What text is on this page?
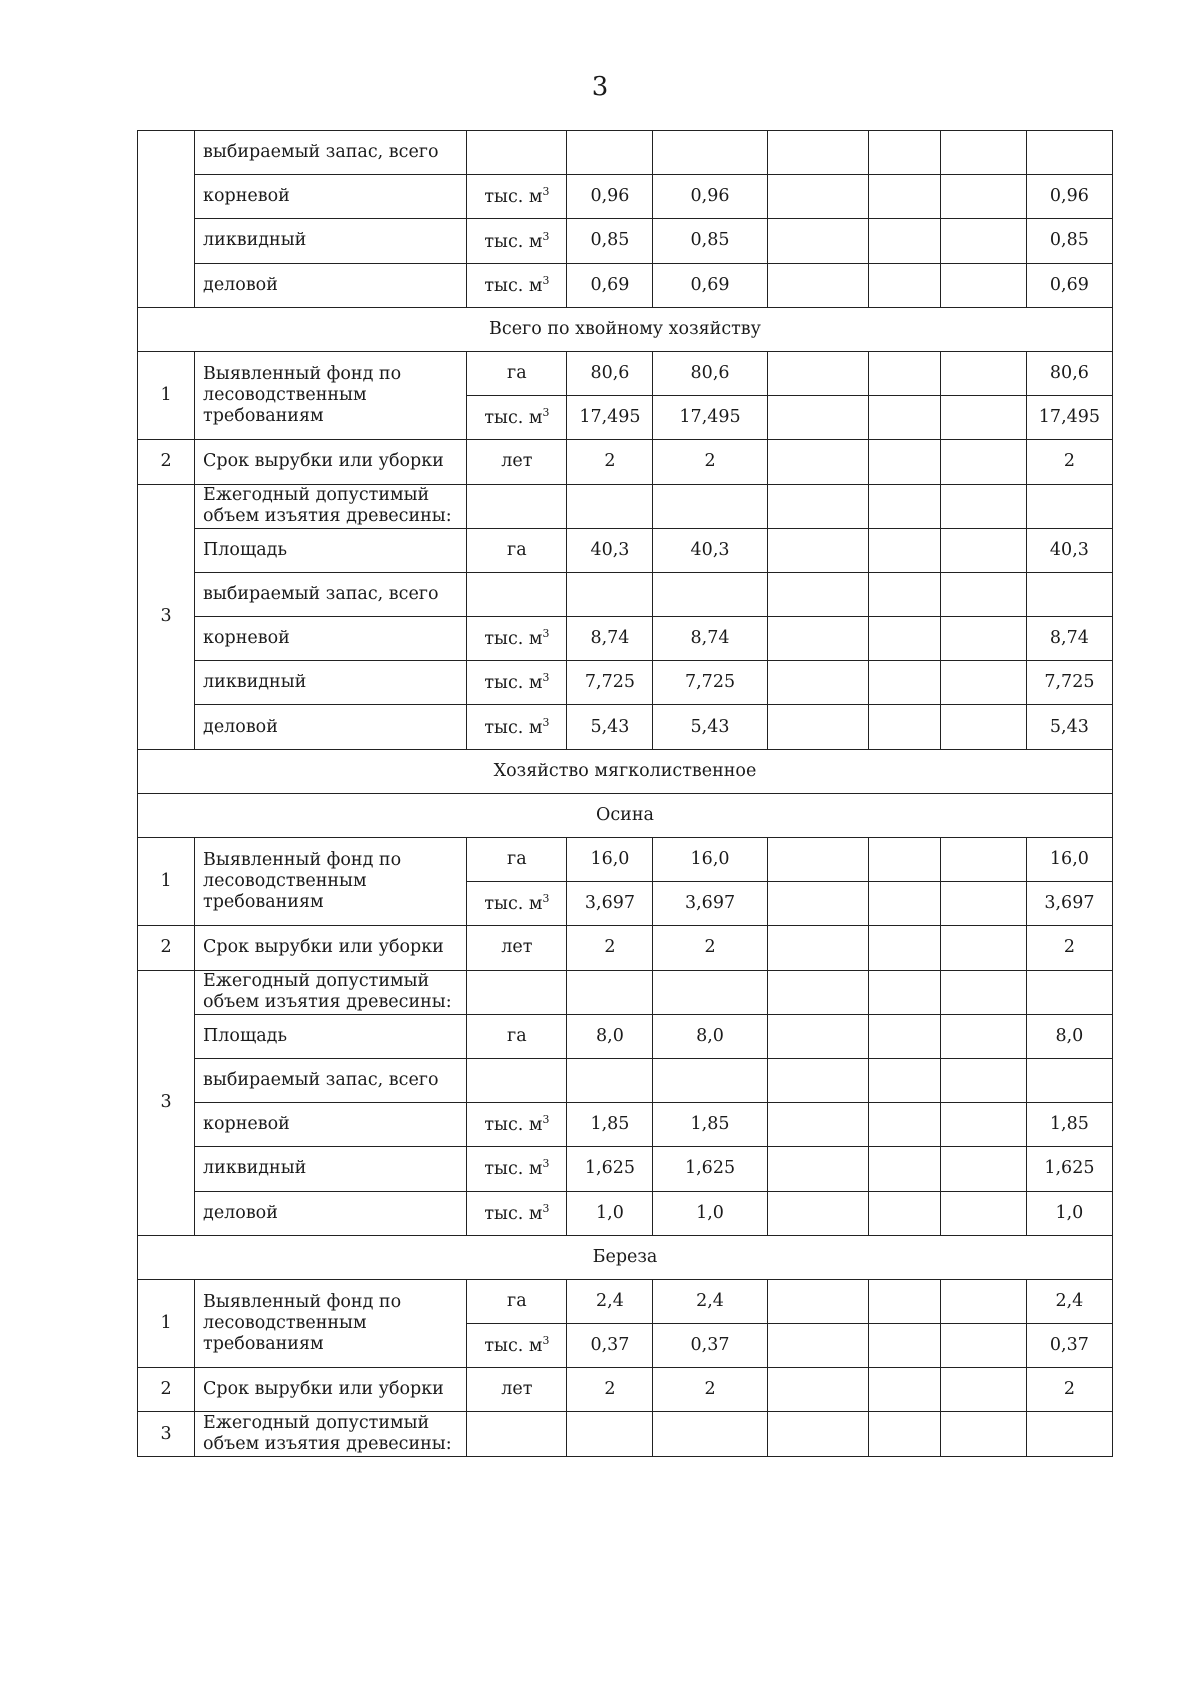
3
	выбираемый запас, всего							
	корневой	тыс. $м^3$	0,96	0,96				0,96
	ликвидный	тыс. $м^3$	0,85	0,85				0,85
	деловой	тыс. $м^3$	0,69	0,69				0,69
Всего по хвойному хозяйству								
1	Выявленный фонд по лесоводственным требованиям	га	80,6	80,6				80,6
		тыс. $м^3$	17,495	17,495				17,495
2	Срок вырубки или уборки	лет	2	2				2
3	Ежегодный допустимый объем изъятия древесины:							
	Площадь	га	40,3	40,3				40,3
	выбираемый запас, всего							
	корневой	тыс. $м^3$	8,74	8,74				8,74
	ликвидный	тыс. $м^3$	7,725	7,725				7,725
	деловой	тыс. $м^3$	5,43	5,43				5,43
Хозяйство мягколиственное								
Осина								
1	Выявленный фонд по лесоводственным требованиям	га	16,0	16,0				16,0
		тыс. $м^3$	3,697	3,697				3,697
2	Срок вырубки или уборки	лет	2	2				2
3	Ежегодный допустимый объем изъятия древесины:							
	Площадь	га	8,0	8,0				8,0
	выбираемый запас, всего							
	корневой	тыс. $м^3$	1,85	1,85				1,85
	ликвидный	тыс. $м^3$	1,625	1,625				1,625
	деловой	тыс. $м^3$	1,0	1,0				1,0
Береза								
1	Выявленный фонд по лесоводственным требованиям	га	2,4	2,4				2,4
		тыс. $м^3$	0,37	0,37				0,37
2	Срок вырубки или уборки	лет	2	2				2
3	Ежегодный допустимый объем изъятия древесины:							
